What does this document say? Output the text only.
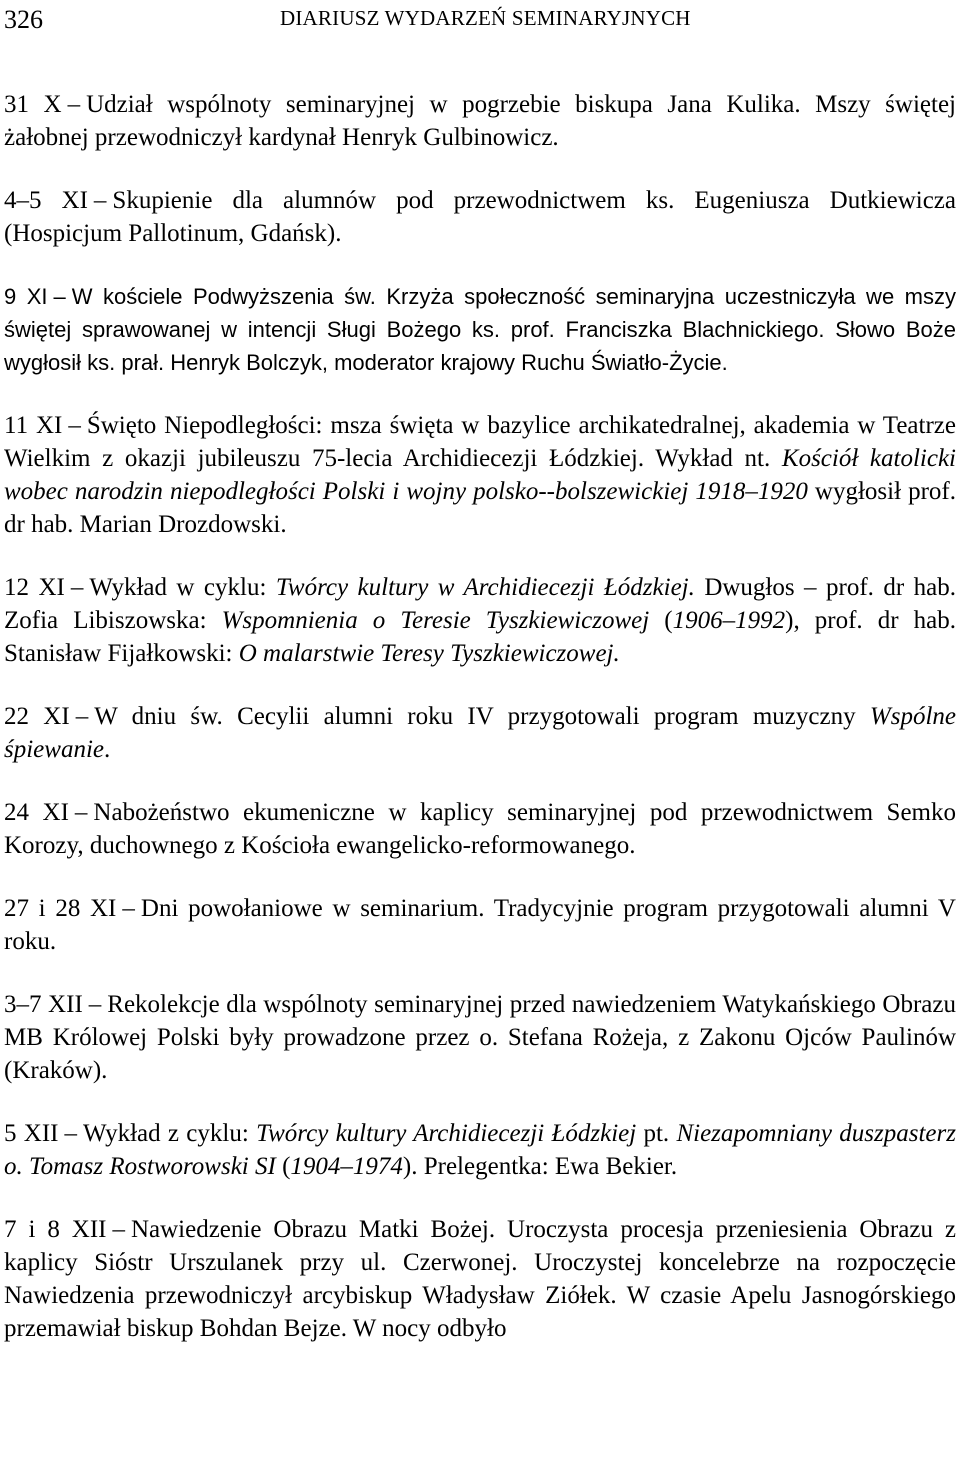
326	DIARIUSZ WYDARZEŃ SEMINARYJNYCH

31 X – Udział wspólnoty seminaryjnej w pogrzebie biskupa Jana Kulika. Mszy świętej żałobnej przewodniczył kardynał Henryk Gulbinowicz.

4–5 XI – Skupienie dla alumnów pod przewodnictwem ks. Eugeniusza Dutkiewicza (Hospicjum Pallotinum, Gdańsk).

9 XI – W kościele Podwyższenia św. Krzyża społeczność seminaryjna uczestniczyła we mszy świętej sprawowanej w intencji Sługi Bożego ks. prof. Franciszka Blachnickiego. Słowo Boże wygłosił ks. prał. Henryk Bolczyk, moderator krajowy Ruchu Światło-Życie.

11 XI – Święto Niepodległości: msza święta w bazylice archikatedralnej, akademia w Teatrze Wielkim z okazji jubileuszu 75-lecia Archidiecezji Łódzkiej. Wykład nt. Kościół katolicki wobec narodzin niepodległości Polski i wojny polsko--bolszewickiej 1918–1920 wygłosił prof. dr hab. Marian Drozdowski.

12 XI – Wykład w cyklu: Twórcy kultury w Archidiecezji Łódzkiej. Dwugłos – prof. dr hab. Zofia Libiszowska: Wspomnienia o Teresie Tyszkiewiczowej (1906–1992), prof. dr hab. Stanisław Fijałkowski: O malarstwie Teresy Tyszkiewiczowej.

22 XI – W dniu św. Cecylii alumni roku IV przygotowali program muzyczny Wspólne śpiewanie.

24 XI – Nabożeństwo ekumeniczne w kaplicy seminaryjnej pod przewodnictwem Semko Korozy, duchownego z Kościoła ewangelicko-reformowanego.

27 i 28 XI – Dni powołaniowe w seminarium. Tradycyjnie program przygotowali alumni V roku.

3–7 XII – Rekolekcje dla wspólnoty seminaryjnej przed nawiedzeniem Watykańskiego Obrazu MB Królowej Polski były prowadzone przez o. Stefana Rożeja, z Zakonu Ojców Paulinów (Kraków).

5 XII – Wykład z cyklu: Twórcy kultury Archidiecezji Łódzkiej pt. Niezapomniany duszpasterz o. Tomasz Rostworowski SI (1904–1974). Prelegentka: Ewa Bekier.

7 i 8 XII – Nawiedzenie Obrazu Matki Bożej. Uroczysta procesja przeniesienia Obrazu z kaplicy Sióstr Urszulanek przy ul. Czerwonej. Uroczystej koncelebrze na rozpoczęcie Nawiedzenia przewodniczył arcybiskup Władysław Ziółek. W czasie Apelu Jasnogórskiego przemawiał biskup Bohdan Bejze. W nocy odbyło
